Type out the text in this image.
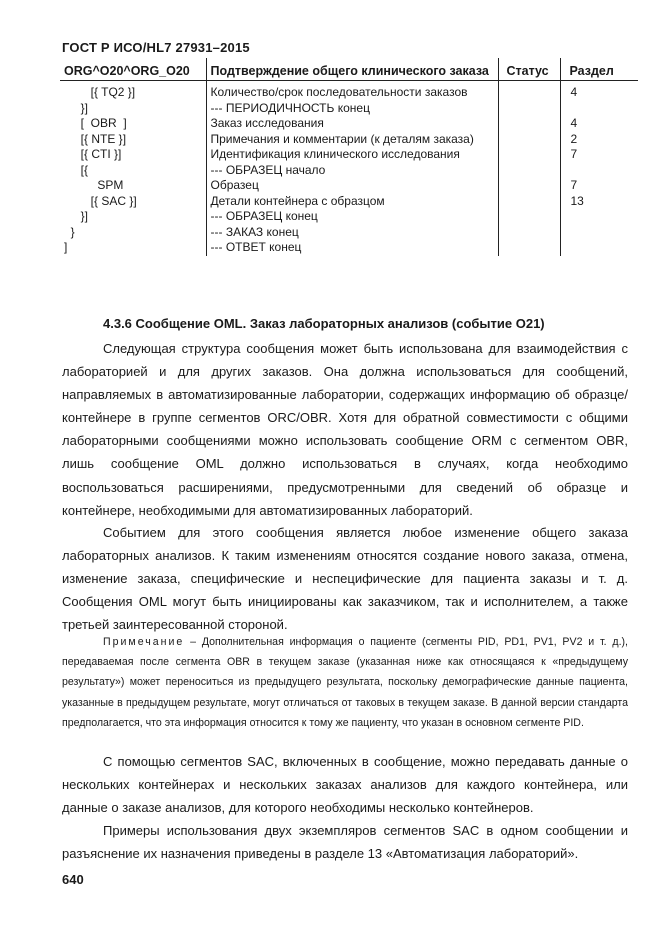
ГОСТ Р ИСО/HL7 27931–2015
ORG^O20^ORG_O20	Подтверждение общего клинического заказа	Статус	Раздел
[{ TQ2 }]	Количество/срок последовательности заказов		4
}]	--- ПЕРИОДИЧНОСТЬ конец		
[  OBR  ]	Заказ исследования		4
[{ NTE }]	Примечания и комментарии (к деталям заказа)		2
[{ CTI }]	Идентификация клинического исследования		7
[{	--- ОБРАЗЕЦ начало		
SPM	Образец		7
[{ SAC }]	Детали контейнера с образцом		13
}]	--- ОБРАЗЕЦ конец		
}	--- ЗАКАЗ конец		
]	--- ОТВЕТ конец		
4.3.6 Сообщение OML. Заказ лабораторных анализов (событие O21)

Следующая структура сообщения может быть использована для взаимодействия с лабораторией и для других заказов. Она должна использоваться для сообщений, направляемых в автоматизированные лаборатории, содержащих информацию об образце/контейнере в группе сегментов ORC/OBR. Хотя для обратной совместимости с общими лабораторными сообщениями можно использовать сообщение ORM с сегментом OBR, лишь сообщение OML должно использоваться в случаях, когда необходимо воспользоваться расширениями, предусмотренными для сведений об образце и контейнере, необходимыми для автоматизированных лабораторий.

Событием для этого сообщения является любое изменение общего заказа лабораторных анализов. К таким изменениям относятся создание нового заказа, отмена, изменение заказа, специфические и неспецифические для пациента заказы и т. д. Сообщения OML могут быть инициированы как заказчиком, так и исполнителем, а также третьей заинтересованной стороной.

Примечание – Дополнительная информация о пациенте (сегменты PID, PD1, PV1, PV2 и т. д.), передаваемая после сегмента OBR в текущем заказе (указанная ниже как относящаяся к «предыдущему результату») может переноситься из предыдущего результата, поскольку демографические данные пациента, указанные в предыдущем результате, могут отличаться от таковых в текущем заказе. В данной версии стандарта предполагается, что эта информация относится к тому же пациенту, что указан в основном сегменте PID.

С помощью сегментов SAC, включенных в сообщение, можно передавать данные о нескольких контейнерах и нескольких заказах анализов для каждого контейнера, или данные о заказе анализов, для которого необходимы несколько контейнеров.

Примеры использования двух экземпляров сегментов SAC в одном сообщении и разъяснение их назначения приведены в разделе 13 «Автоматизация лабораторий».

640
